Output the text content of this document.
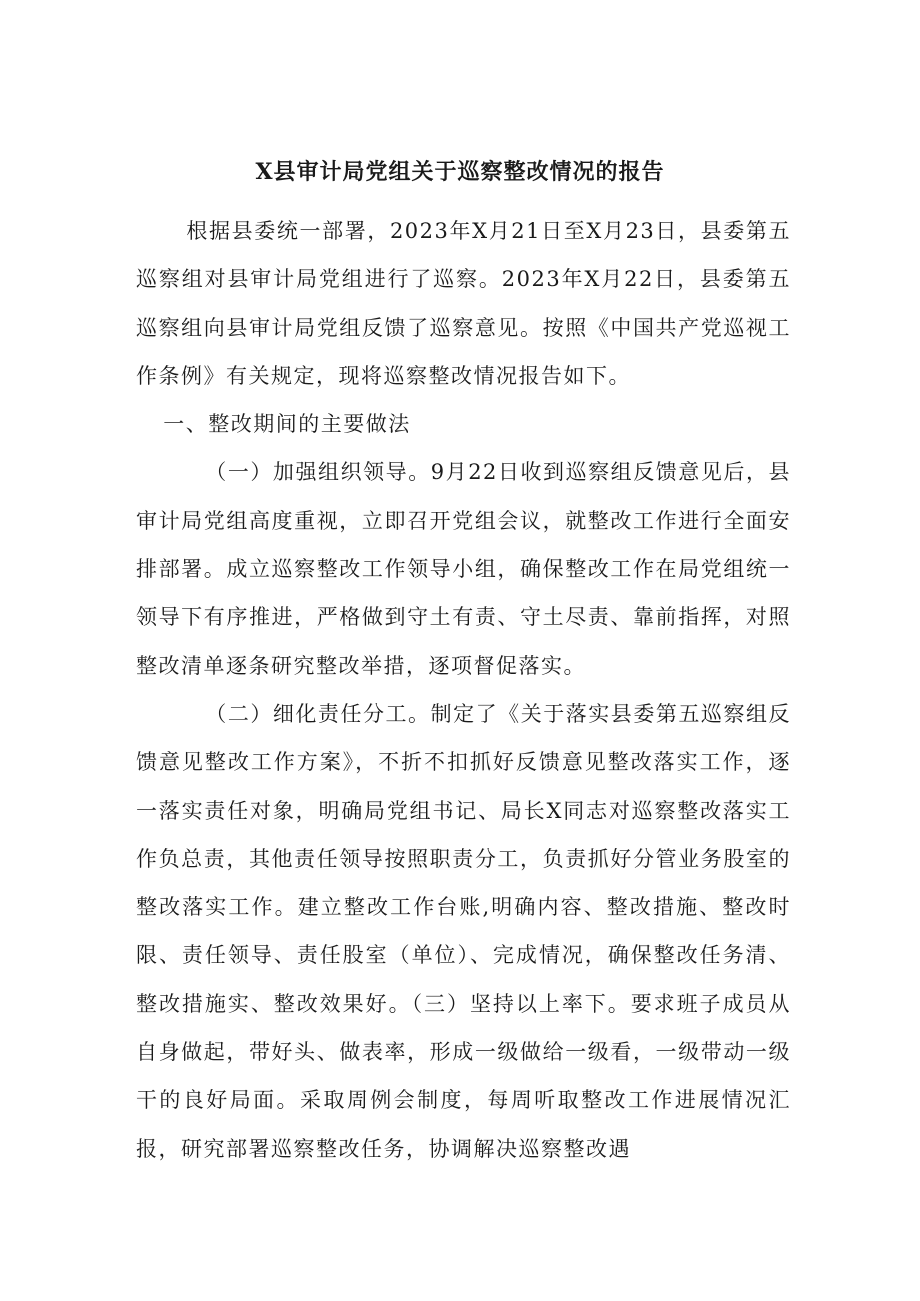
X县审计局党组关于巡察整改情况的报告

根据县委统一部署，2023年X月21日至X月23日，县委第五巡察组对县审计局党组进行了巡察。2023年X月22日，县委第五巡察组向县审计局党组反馈了巡察意见。按照《中国共产党巡视工作条例》有关规定，现将巡察整改情况报告如下。

一、整改期间的主要做法

（一）加强组织领导。9月22日收到巡察组反馈意见后，县审计局党组高度重视，立即召开党组会议，就整改工作进行全面安排部署。成立巡察整改工作领导小组，确保整改工作在局党组统一领导下有序推进，严格做到守土有责、守土尽责、靠前指挥，对照整改清单逐条研究整改举措，逐项督促落实。

（二）细化责任分工。制定了《关于落实县委第五巡察组反馈意见整改工作方案》，不折不扣抓好反馈意见整改落实工作，逐一落实责任对象，明确局党组书记、局长X同志对巡察整改落实工作负总责，其他责任领导按照职责分工，负责抓好分管业务股室的整改落实工作。建立整改工作台账,明确内容、整改措施、整改时限、责任领导、责任股室（单位）、完成情况，确保整改任务清、整改措施实、整改效果好。（三）坚持以上率下。要求班子成员从自身做起，带好头、做表率，形成一级做给一级看，一级带动一级干的良好局面。采取周例会制度，每周听取整改工作进展情况汇报，研究部署巡察整改任务，协调解决巡察整改遇
